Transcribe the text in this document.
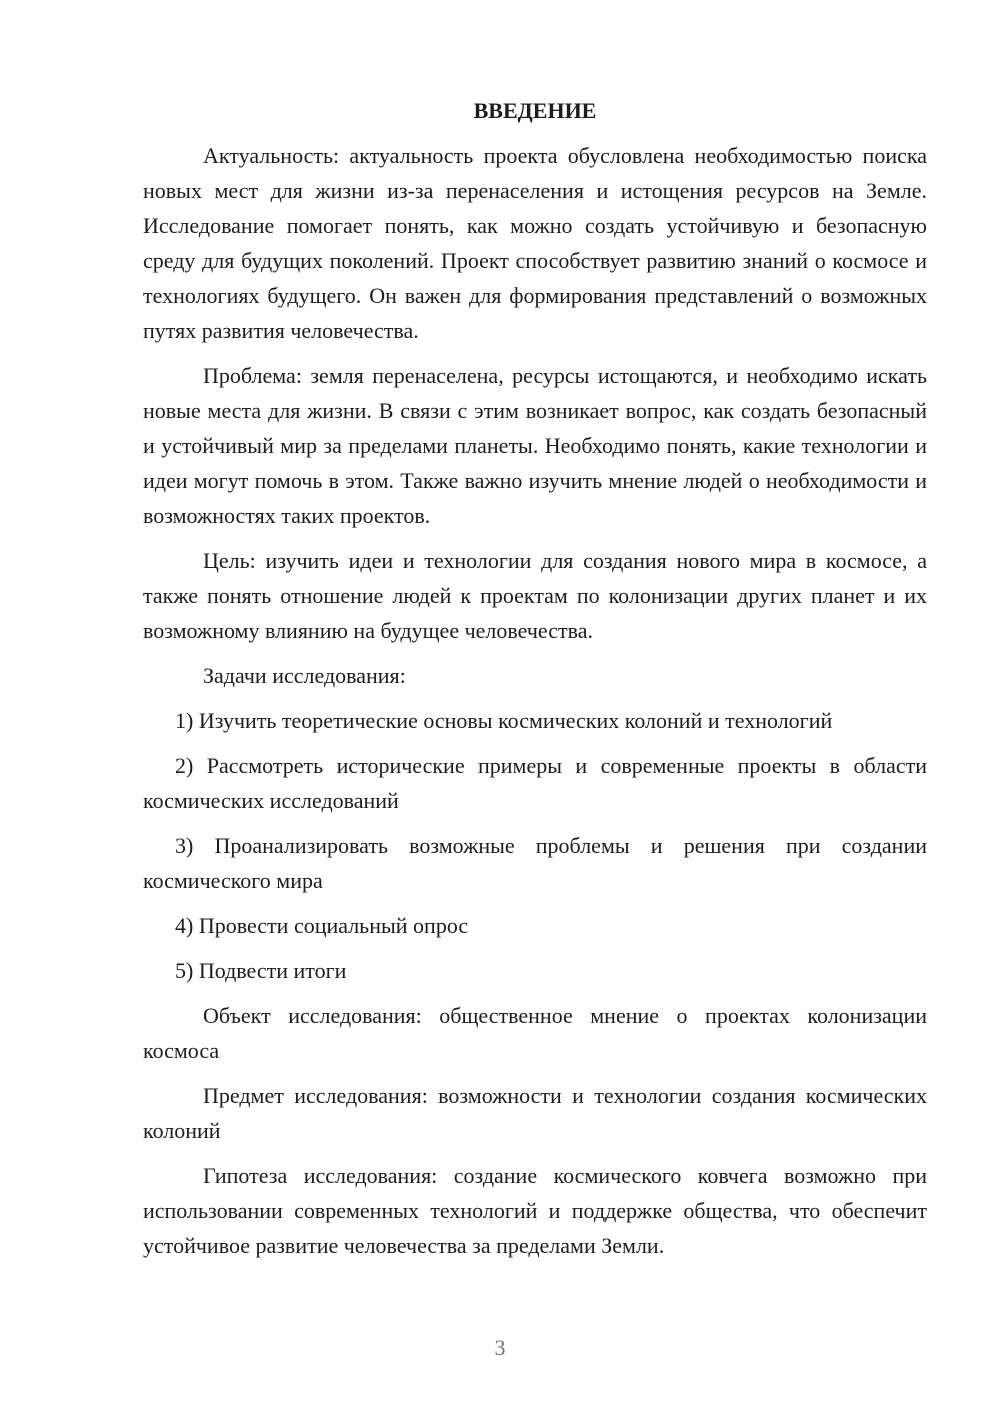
ВВЕДЕНИЕ

Актуальность: актуальность проекта обусловлена необходимостью поиска новых мест для жизни из-за перенаселения и истощения ресурсов на Земле. Исследование помогает понять, как можно создать устойчивую и безопасную среду для будущих поколений. Проект способствует развитию знаний о космосе и технологиях будущего. Он важен для формирования представлений о возможных путях развития человечества.

Проблема: земля перенаселена, ресурсы истощаются, и необходимо искать новые места для жизни. В связи с этим возникает вопрос, как создать безопасный и устойчивый мир за пределами планеты. Необходимо понять, какие технологии и идеи могут помочь в этом. Также важно изучить мнение людей о необходимости и возможностях таких проектов.

Цель: изучить идеи и технологии для создания нового мира в космосе, а также понять отношение людей к проектам по колонизации других планет и их возможному влиянию на будущее человечества.

Задачи исследования:

1) Изучить теоретические основы космических колоний и технологий

2) Рассмотреть исторические примеры и современные проекты в области космических исследований

3) Проанализировать возможные проблемы и решения при создании космического мира

4) Провести социальный опрос

5) Подвести итоги

Объект исследования: общественное мнение о проектах колонизации космоса

Предмет исследования: возможности и технологии создания космических колоний

Гипотеза исследования: создание космического ковчега возможно при использовании современных технологий и поддержке общества, что обеспечит устойчивое развитие человечества за пределами Земли.

3
